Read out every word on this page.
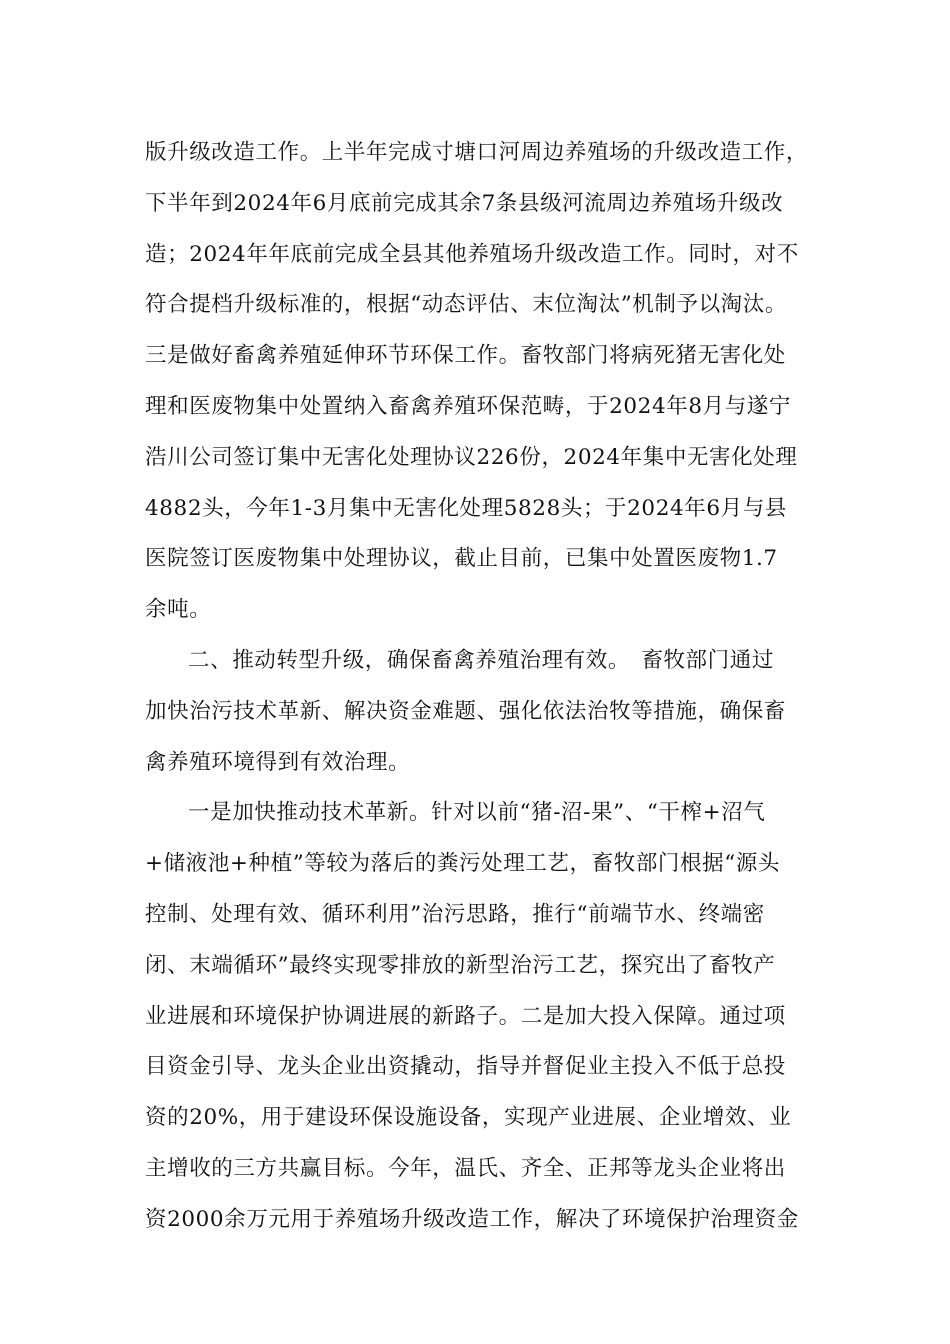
版升级改造工作。上半年完成寸塘口河周边养殖场的升级改造工作，
下半年到2024年6月底前完成其余7条县级河流周边养殖场升级改
造；2024年年底前完成全县其他养殖场升级改造工作。同时，对不
符合提档升级标准的，根据“动态评估、末位淘汰”机制予以淘汰。
三是做好畜禽养殖延伸环节环保工作。畜牧部门将病死猪无害化处
理和医废物集中处置纳入畜禽养殖环保范畴，于2024年8月与遂宁
浩川公司签订集中无害化处理协议226份，2024年集中无害化处理
4882头，今年1-3月集中无害化处理5828头；于2024年6月与县
医院签订医废物集中处理协议，截止目前，已集中处置医废物1.7
余吨。
二、推动转型升级，确保畜禽养殖治理有效。　畜牧部门通过
加快治污技术革新、解决资金难题、强化依法治牧等措施，确保畜
禽养殖环境得到有效治理。
一是加快推动技术革新。针对以前“猪-沼-果”、“干榨+沼气
+储液池+种植”等较为落后的粪污处理工艺，畜牧部门根据“源头
控制、处理有效、循环利用”治污思路，推行“前端节水、终端密
闭、末端循环”最终实现零排放的新型治污工艺，探究出了畜牧产
业进展和环境保护协调进展的新路子。二是加大投入保障。通过项
目资金引导、龙头企业出资撬动，指导并督促业主投入不低于总投
资的20%，用于建设环保设施设备，实现产业进展、企业增效、业
主增收的三方共赢目标。今年，温氏、齐全、正邦等龙头企业将出
资2000余万元用于养殖场升级改造工作，解决了环境保护治理资金
